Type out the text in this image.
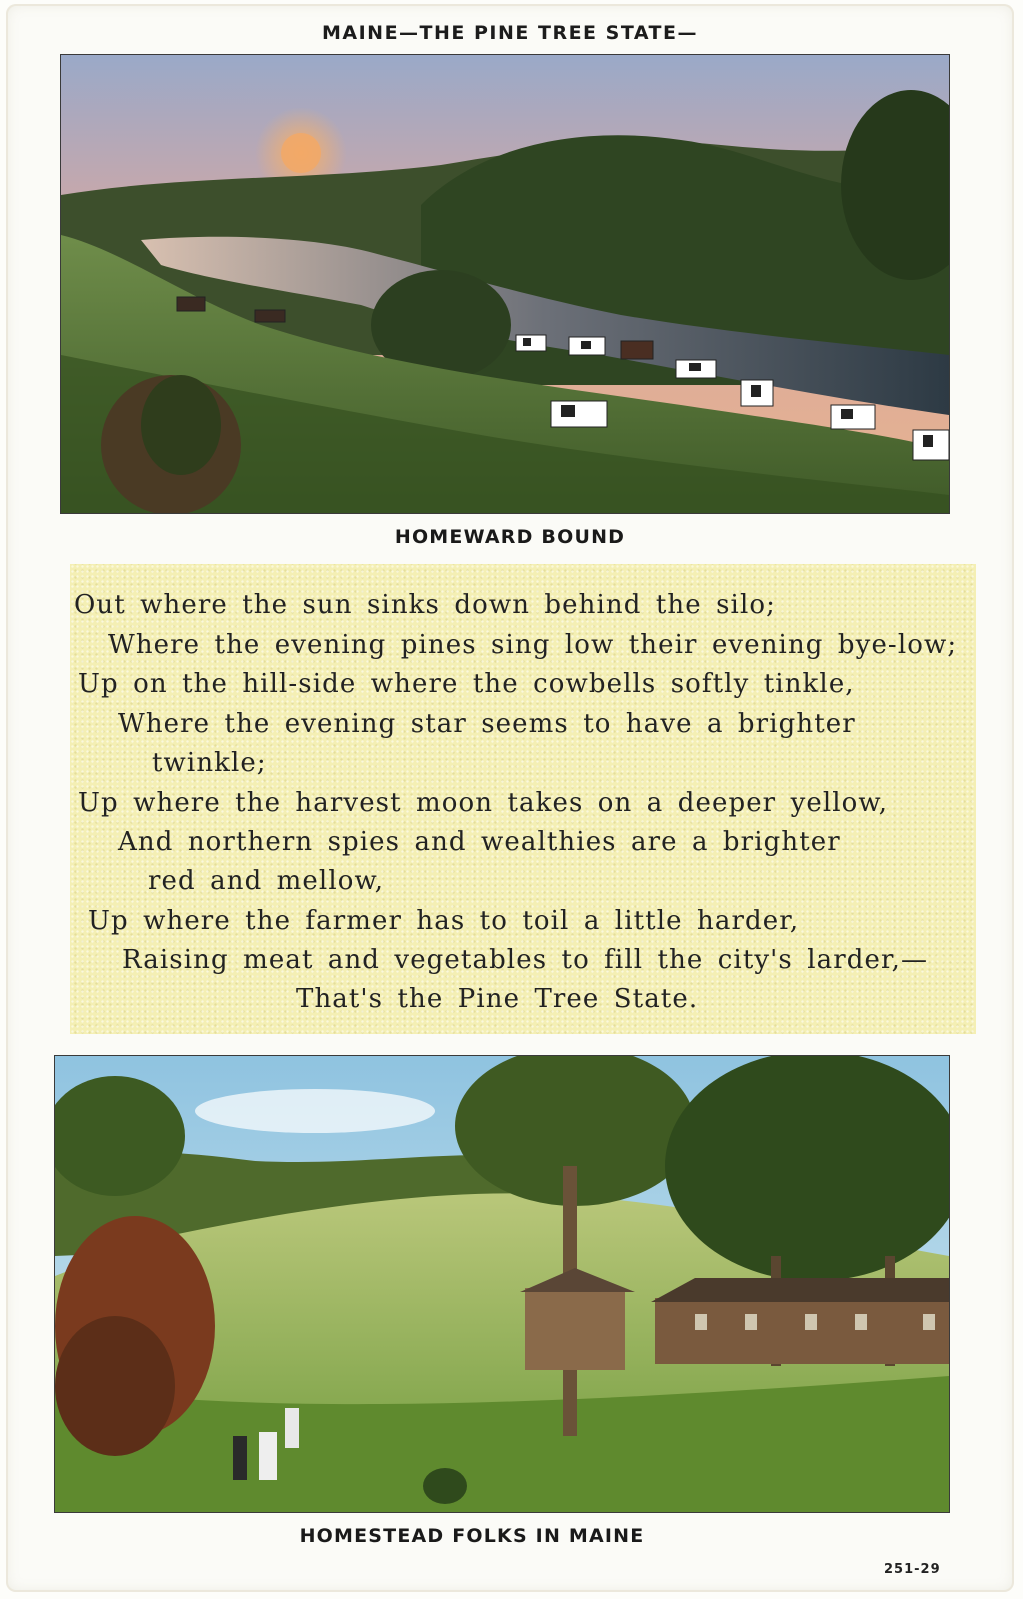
MAINE—THE PINE TREE STATE—
HOMEWARD BOUND
Out where the sun sinks down behind the silo;
Where the evening pines sing low their evening bye-low;
Up on the hill-side where the cowbells softly tinkle,
Where the evening star seems to have a brighter
twinkle;
Up where the harvest moon takes on a deeper yellow,
And northern spies and wealthies are a brighter
red and mellow,
Up where the farmer has to toil a little harder,
Raising meat and vegetables to fill the city's larder,—
That's the Pine Tree State.
HOMESTEAD FOLKS IN MAINE
251-29
